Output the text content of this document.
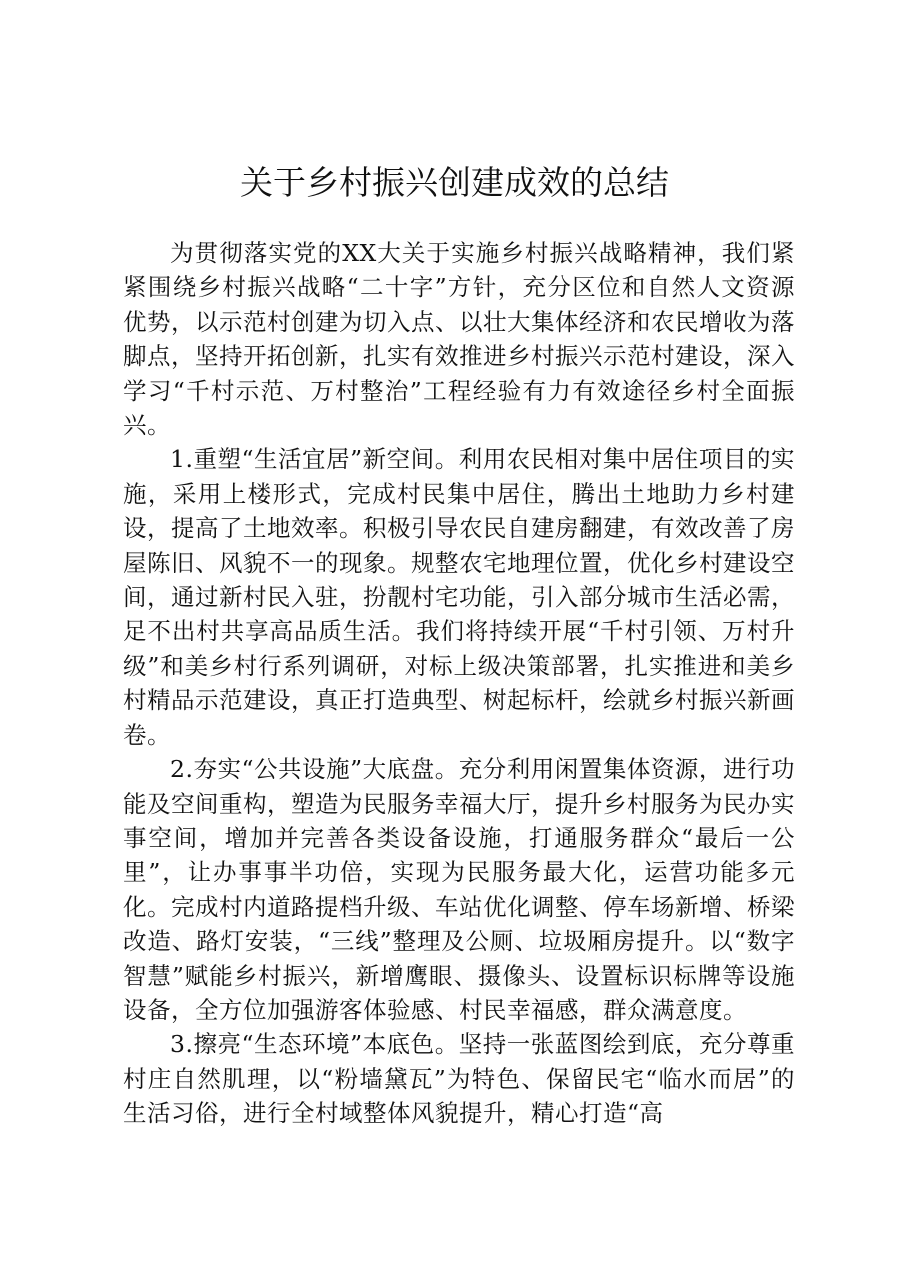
关于乡村振兴创建成效的总结

为贯彻落实党的XX大关于实施乡村振兴战略精神，我们紧紧围绕乡村振兴战略“二十字”方针，充分区位和自然人文资源优势，以示范村创建为切入点、以壮大集体经济和农民增收为落脚点，坚持开拓创新，扎实有效推进乡村振兴示范村建设，深入学习“千村示范、万村整治”工程经验有力有效途径乡村全面振兴。

1.重塑“生活宜居”新空间。利用农民相对集中居住项目的实施，采用上楼形式，完成村民集中居住，腾出土地助力乡村建设，提高了土地效率。积极引导农民自建房翻建，有效改善了房屋陈旧、风貌不一的现象。规整农宅地理位置，优化乡村建设空间，通过新村民入驻，扮靓村宅功能，引入部分城市生活必需，足不出村共享高品质生活。我们将持续开展“千村引领、万村升级”和美乡村行系列调研，对标上级决策部署，扎实推进和美乡村精品示范建设，真正打造典型、树起标杆，绘就乡村振兴新画卷。

2.夯实“公共设施”大底盘。充分利用闲置集体资源，进行功能及空间重构，塑造为民服务幸福大厅，提升乡村服务为民办实事空间，增加并完善各类设备设施，打通服务群众“最后一公里”，让办事事半功倍，实现为民服务最大化，运营功能多元化。完成村内道路提档升级、车站优化调整、停车场新增、桥梁改造、路灯安装，“三线”整理及公厕、垃圾厢房提升。以“数字智慧”赋能乡村振兴，新增鹰眼、摄像头、设置标识标牌等设施设备，全方位加强游客体验感、村民幸福感，群众满意度。

3.擦亮“生态环境”本底色。坚持一张蓝图绘到底，充分尊重村庄自然肌理，以“粉墙黛瓦”为特色、保留民宅“临水而居”的生活习俗，进行全村域整体风貌提升，精心打造“高
